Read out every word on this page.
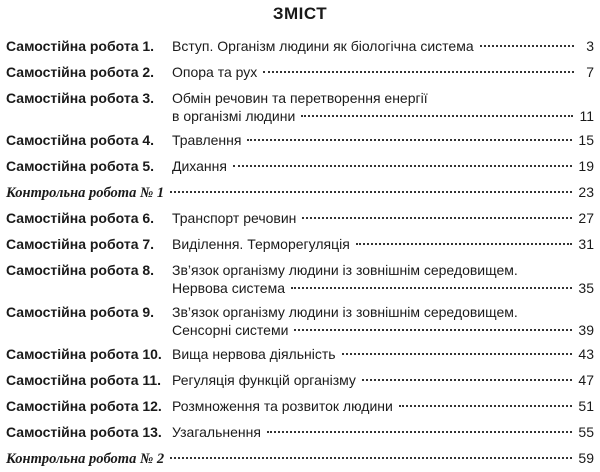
ЗМІСТ
Самостійна робота 1. Вступ. Організм людини як біологічна система	3
Самостійна робота 2. Опора та рух	7
Самостійна робота 3. Обмін речовин та перетворення енергії
в організмі людини	11
Самостійна робота 4. Травлення	15
Самостійна робота 5. Дихання	19
Контрольна робота № 1	23
Самостійна робота 6. Транспорт речовин	27
Самостійна робота 7. Виділення. Терморегуляція	31
Самостійна робота 8. Зв’язок організму людини із зовнішнім середовищем.
Нервова система	35
Самостійна робота 9. Зв’язок організму людини із зовнішнім середовищем.
Сенсорні системи	39
Самостійна робота 10. Вища нервова діяльність	43
Самостійна робота 11. Регуляція функцій організму	47
Самостійна робота 12. Розмноження та розвиток людини	51
Самостійна робота 13. Узагальнення	55
Контрольна робота № 2	59
